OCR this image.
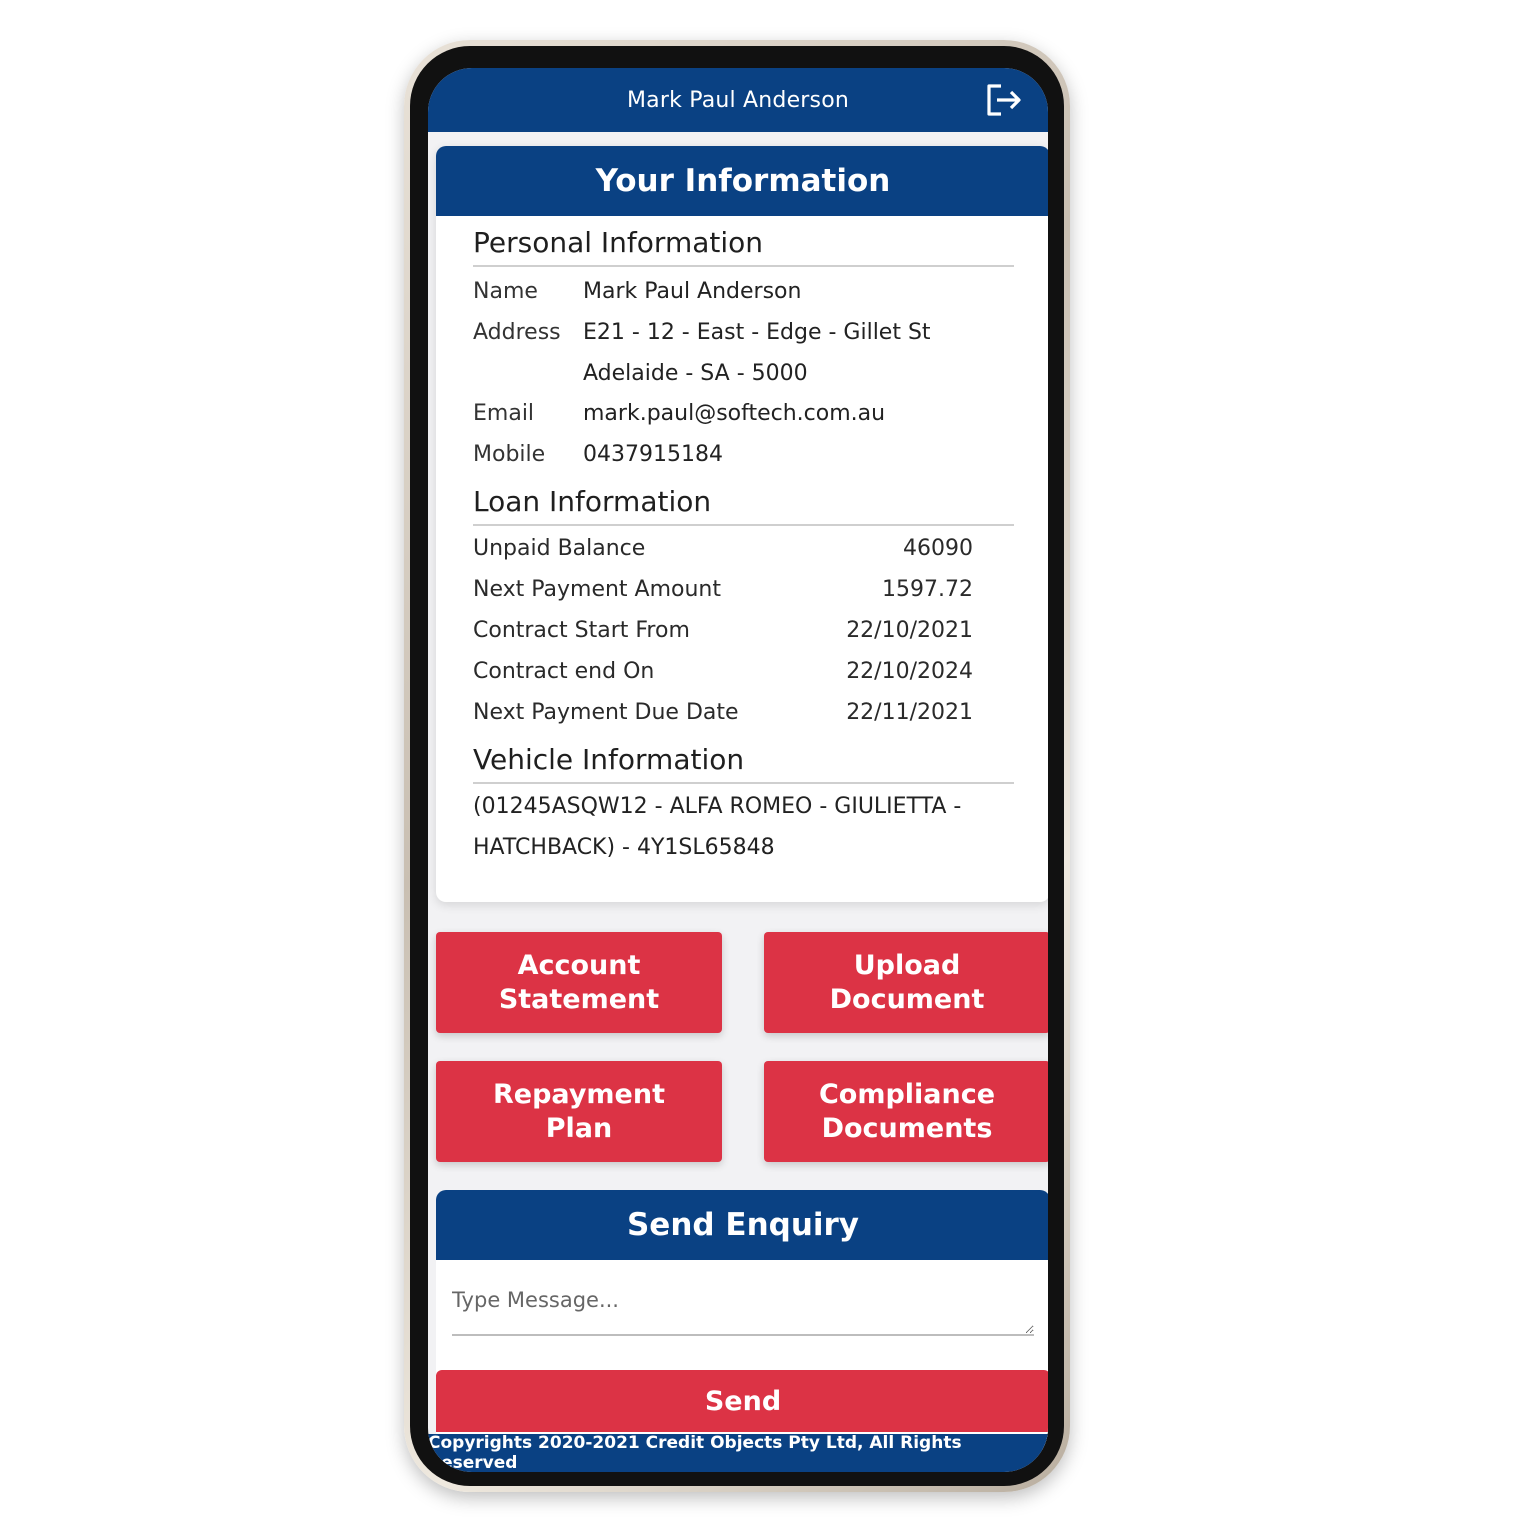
Mark Paul Anderson
Your Information
Personal Information
Name	Mark Paul Anderson
Address	E21 - 12 - East - Edge - Gillet St
Adelaide - SA - 5000
Email	mark.paul@softech.com.au
Mobile	0437915184
Loan Information
Unpaid Balance	46090
Next Payment Amount	1597.72
Contract Start From	22/10/2021
Contract end On	22/10/2024
Next Payment Due Date	22/11/2021
Vehicle Information
(01245ASQW12 - ALFA ROMEO - GIULIETTA -
HATCHBACK) - 4Y1SL65848
Account
Statement
Upload
Document
Repayment
Plan
Compliance
Documents
Send Enquiry
Type Message...
Send
Copyrights 2020-2021 Credit Objects Pty Ltd, All Rights Reserved
